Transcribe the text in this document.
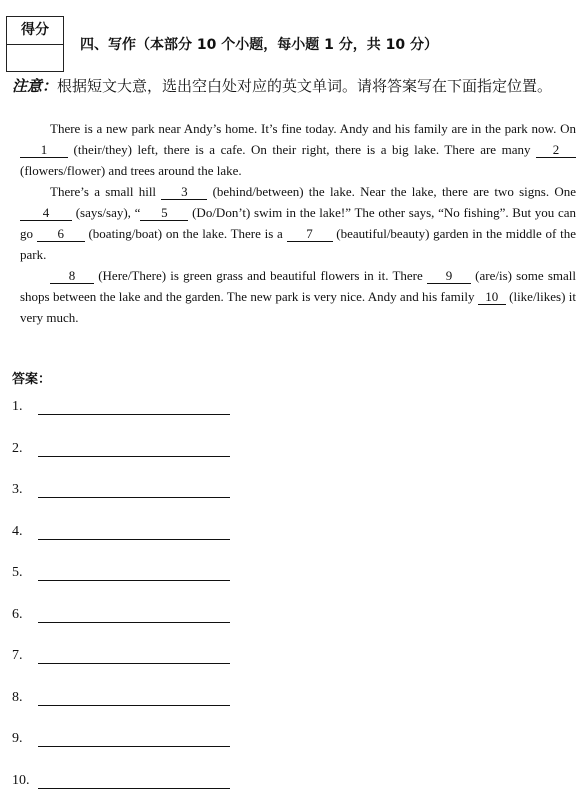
得分
四、写作（本部分 10 个小题，每小题 1 分，共 10 分）
注意：根据短文大意，选出空白处对应的英文单词。请将答案写在下面指定位置。

There is a new park near Andy’s home. It’s fine today. Andy and his family are in the park now. On 1 (their/they) left, there is a cafe. On their right, there is a big lake. There are many 2 (flowers/flower) and trees around the lake.

There’s a small hill 3 (behind/between) the lake. Near the lake, there are two signs. One 4 (says/say), “ 5 (Do/Don’t) swim in the lake!” The other says, “No fishing”. But you can go 6 (boating/boat) on the lake. There is a 7 (beautiful/beauty) garden in the middle of the park.

8 (Here/There) is green grass and beautiful flowers in it. There 9 (are/is) some small shops between the lake and the garden. The new park is very nice. Andy and his family 10 (like/likes) it very much.

答案：
1.
2.
3.
4.
5.
6.
7.
8.
9.
10.
